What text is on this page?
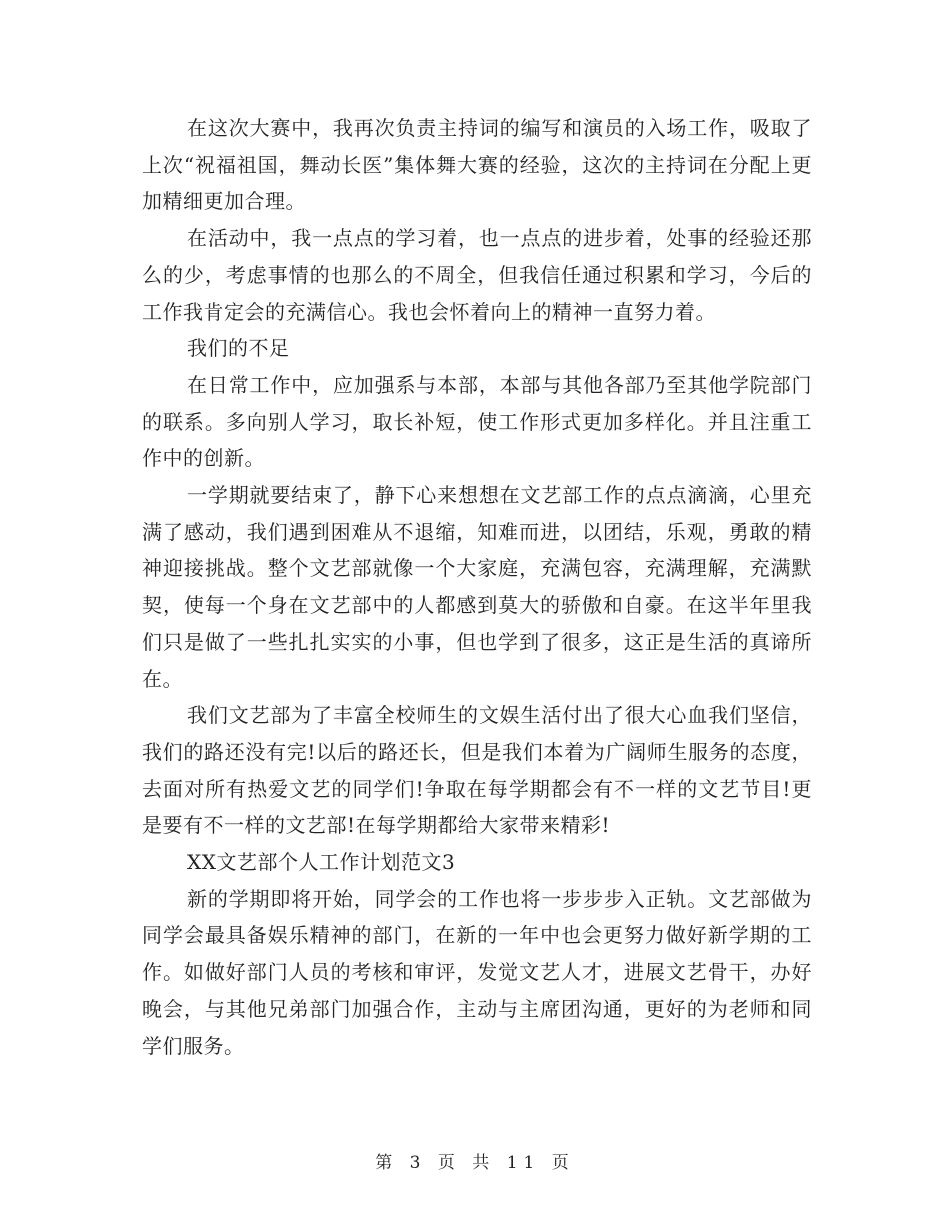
在这次大赛中，我再次负责主持词的编写和演员的入场工作，吸取了上次“祝福祖国，舞动长医”集体舞大赛的经验，这次的主持词在分配上更加精细更加合理。

在活动中，我一点点的学习着，也一点点的进步着，处事的经验还那么的少，考虑事情的也那么的不周全，但我信任通过积累和学习，今后的工作我肯定会的充满信心。我也会怀着向上的精神一直努力着。

我们的不足

在日常工作中，应加强系与本部，本部与其他各部乃至其他学院部门的联系。多向别人学习，取长补短，使工作形式更加多样化。并且注重工作中的创新。

一学期就要结束了，静下心来想想在文艺部工作的点点滴滴，心里充满了感动，我们遇到困难从不退缩，知难而进，以团结，乐观，勇敢的精神迎接挑战。整个文艺部就像一个大家庭，充满包容，充满理解，充满默契，使每一个身在文艺部中的人都感到莫大的骄傲和自豪。在这半年里我们只是做了一些扎扎实实的小事，但也学到了很多，这正是生活的真谛所在。

我们文艺部为了丰富全校师生的文娱生活付出了很大心血我们坚信，我们的路还没有完!以后的路还长，但是我们本着为广阔师生服务的态度，去面对所有热爱文艺的同学们!争取在每学期都会有不一样的文艺节目!更是要有不一样的文艺部!在每学期都给大家带来精彩!

XX文艺部个人工作计划范文3

新的学期即将开始，同学会的工作也将一步步步入正轨。文艺部做为同学会最具备娱乐精神的部门，在新的一年中也会更努力做好新学期的工作。如做好部门人员的考核和审评，发觉文艺人才，进展文艺骨干，办好晚会，与其他兄弟部门加强合作，主动与主席团沟通，更好的为老师和同学们服务。

第 3 页 共 11 页
